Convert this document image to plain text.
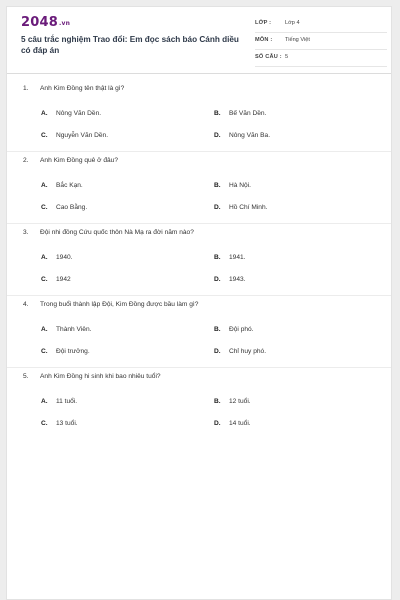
2048.vn
5 câu trắc nghiệm Trao đổi: Em đọc sách báo Cánh diều có đáp án
LỚP : Lớp 4
MÔN : Tiếng Việt
SỐ CÂU : 5
1. Anh Kim Đồng tên thật là gì?
A. Nông Văn Dền.	B. Bế Văn Dền.
C. Nguyễn Văn Dền.	D. Nông Văn Ba.
2. Anh Kim Đồng quê ở đâu?
A. Bắc Kạn.	B. Hà Nội.
C. Cao Bằng.	D. Hồ Chí Minh.
3. Đội nhi đồng Cứu quốc thôn Nà Mạ ra đời năm nào?
A. 1940.	B. 1941.
C. 1942	D. 1943.
4. Trong buổi thành lập Đội, Kim Đồng được bầu làm gì?
A. Thành Viên.	B. Đội phó.
C. Đội trưởng.	D. Chỉ huy phó.
5. Anh Kim Đồng hi sinh khi bao nhiêu tuổi?
A. 11 tuổi.	B. 12 tuổi.
C. 13 tuổi.	D. 14 tuổi.
